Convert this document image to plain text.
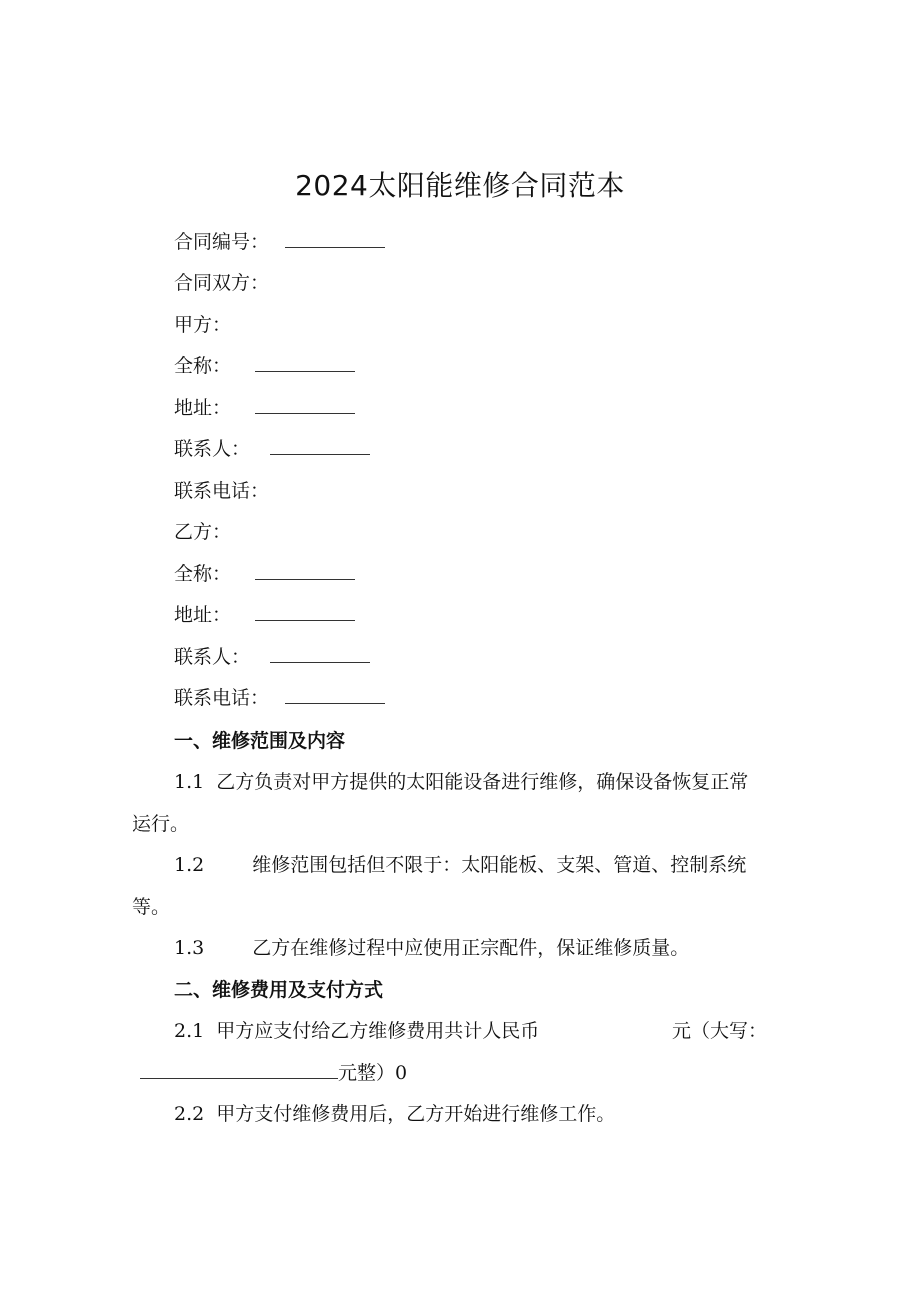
2024太阳能维修合同范本
合同编号：
合同双方：
甲方：
全称：
地址：
联系人：
联系电话：
乙方：
全称：
地址：
联系人：
联系电话：
一、维修范围及内容
1.1 乙方负责对甲方提供的太阳能设备进行维修，确保设备恢复正常
运行。
1.2	维修范围包括但不限于：太阳能板、支架、管道、控制系统
等。
1.3	乙方在维修过程中应使用正宗配件，保证维修质量。
二、维修费用及支付方式
2.1 甲方应支付给乙方维修费用共计人民币	元（大写：
元整）0
2.2 甲方支付维修费用后，乙方开始进行维修工作。
